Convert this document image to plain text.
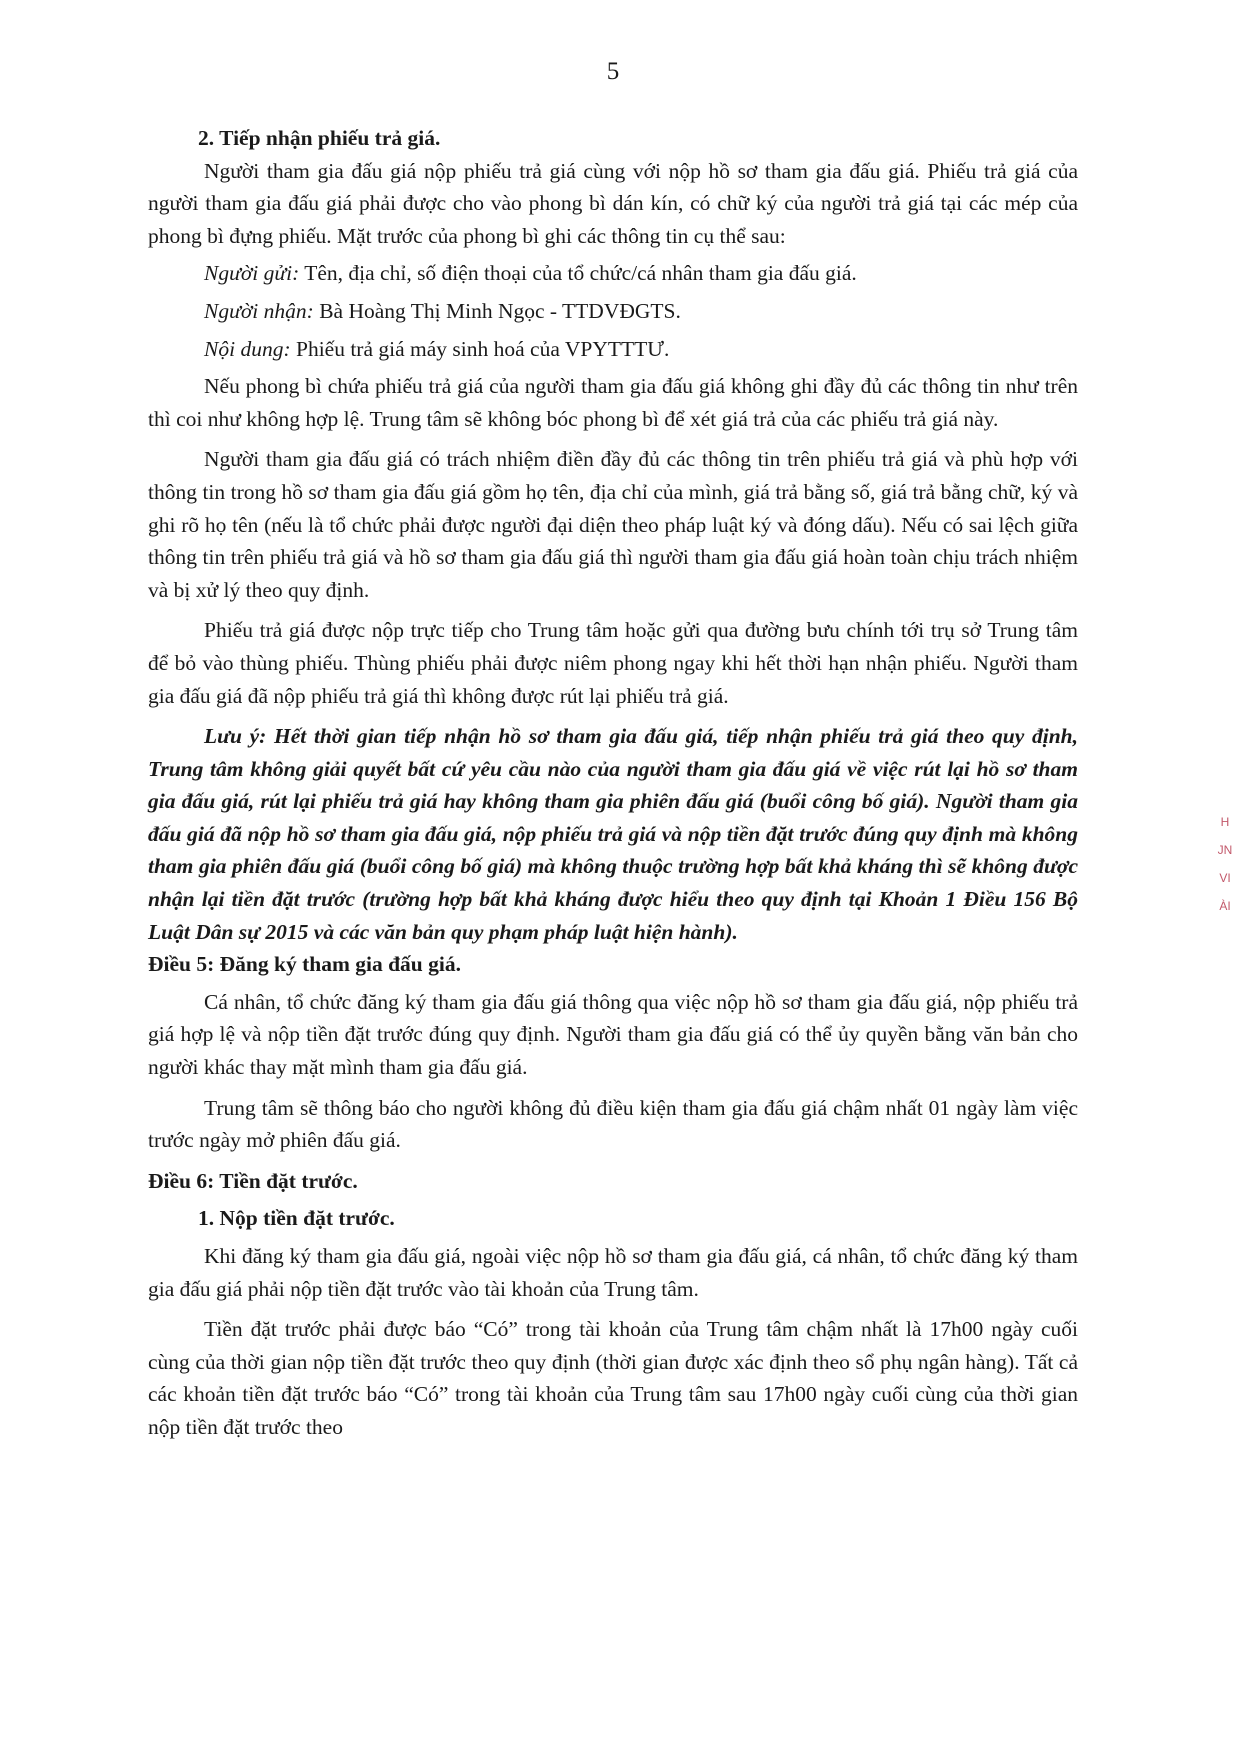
5

2. Tiếp nhận phiếu trả giá.

Người tham gia đấu giá nộp phiếu trả giá cùng với nộp hồ sơ tham gia đấu giá. Phiếu trả giá của người tham gia đấu giá phải được cho vào phong bì dán kín, có chữ ký của người trả giá tại các mép của phong bì đựng phiếu. Mặt trước của phong bì ghi các thông tin cụ thể sau:

Người gửi: Tên, địa chỉ, số điện thoại của tổ chức/cá nhân tham gia đấu giá.

Người nhận: Bà Hoàng Thị Minh Ngọc - TTDVĐGTS.

Nội dung: Phiếu trả giá máy sinh hoá của VPYTTTƯ.

Nếu phong bì chứa phiếu trả giá của người tham gia đấu giá không ghi đầy đủ các thông tin như trên thì coi như không hợp lệ. Trung tâm sẽ không bóc phong bì để xét giá trả của các phiếu trả giá này.

Người tham gia đấu giá có trách nhiệm điền đầy đủ các thông tin trên phiếu trả giá và phù hợp với thông tin trong hồ sơ tham gia đấu giá gồm họ tên, địa chỉ của mình, giá trả bằng số, giá trả bằng chữ, ký và ghi rõ họ tên (nếu là tổ chức phải được người đại diện theo pháp luật ký và đóng dấu). Nếu có sai lệch giữa thông tin trên phiếu trả giá và hồ sơ tham gia đấu giá thì người tham gia đấu giá hoàn toàn chịu trách nhiệm và bị xử lý theo quy định.

Phiếu trả giá được nộp trực tiếp cho Trung tâm hoặc gửi qua đường bưu chính tới trụ sở Trung tâm để bỏ vào thùng phiếu. Thùng phiếu phải được niêm phong ngay khi hết thời hạn nhận phiếu. Người tham gia đấu giá đã nộp phiếu trả giá thì không được rút lại phiếu trả giá.

Lưu ý: Hết thời gian tiếp nhận hồ sơ tham gia đấu giá, tiếp nhận phiếu trả giá theo quy định, Trung tâm không giải quyết bất cứ yêu cầu nào của người tham gia đấu giá về việc rút lại hồ sơ tham gia đấu giá, rút lại phiếu trả giá hay không tham gia phiên đấu giá (buổi công bố giá). Người tham gia đấu giá đã nộp hồ sơ tham gia đấu giá, nộp phiếu trả giá và nộp tiền đặt trước đúng quy định mà không tham gia phiên đấu giá (buổi công bố giá) mà không thuộc trường hợp bất khả kháng thì sẽ không được nhận lại tiền đặt trước (trường hợp bất khả kháng được hiểu theo quy định tại Khoản 1 Điều 156 Bộ Luật Dân sự 2015 và các văn bản quy phạm pháp luật hiện hành).

Điều 5: Đăng ký tham gia đấu giá.

Cá nhân, tổ chức đăng ký tham gia đấu giá thông qua việc nộp hồ sơ tham gia đấu giá, nộp phiếu trả giá hợp lệ và nộp tiền đặt trước đúng quy định. Người tham gia đấu giá có thể ủy quyền bằng văn bản cho người khác thay mặt mình tham gia đấu giá.

Trung tâm sẽ thông báo cho người không đủ điều kiện tham gia đấu giá chậm nhất 01 ngày làm việc trước ngày mở phiên đấu giá.

Điều 6: Tiền đặt trước.

1. Nộp tiền đặt trước.

Khi đăng ký tham gia đấu giá, ngoài việc nộp hồ sơ tham gia đấu giá, cá nhân, tổ chức đăng ký tham gia đấu giá phải nộp tiền đặt trước vào tài khoản của Trung tâm.

Tiền đặt trước phải được báo “Có” trong tài khoản của Trung tâm chậm nhất là 17h00 ngày cuối cùng của thời gian nộp tiền đặt trước theo quy định (thời gian được xác định theo sổ phụ ngân hàng). Tất cả các khoản tiền đặt trước báo “Có” trong tài khoản của Trung tâm sau 17h00 ngày cuối cùng của thời gian nộp tiền đặt trước theo

H
JN
VI
ÀI
